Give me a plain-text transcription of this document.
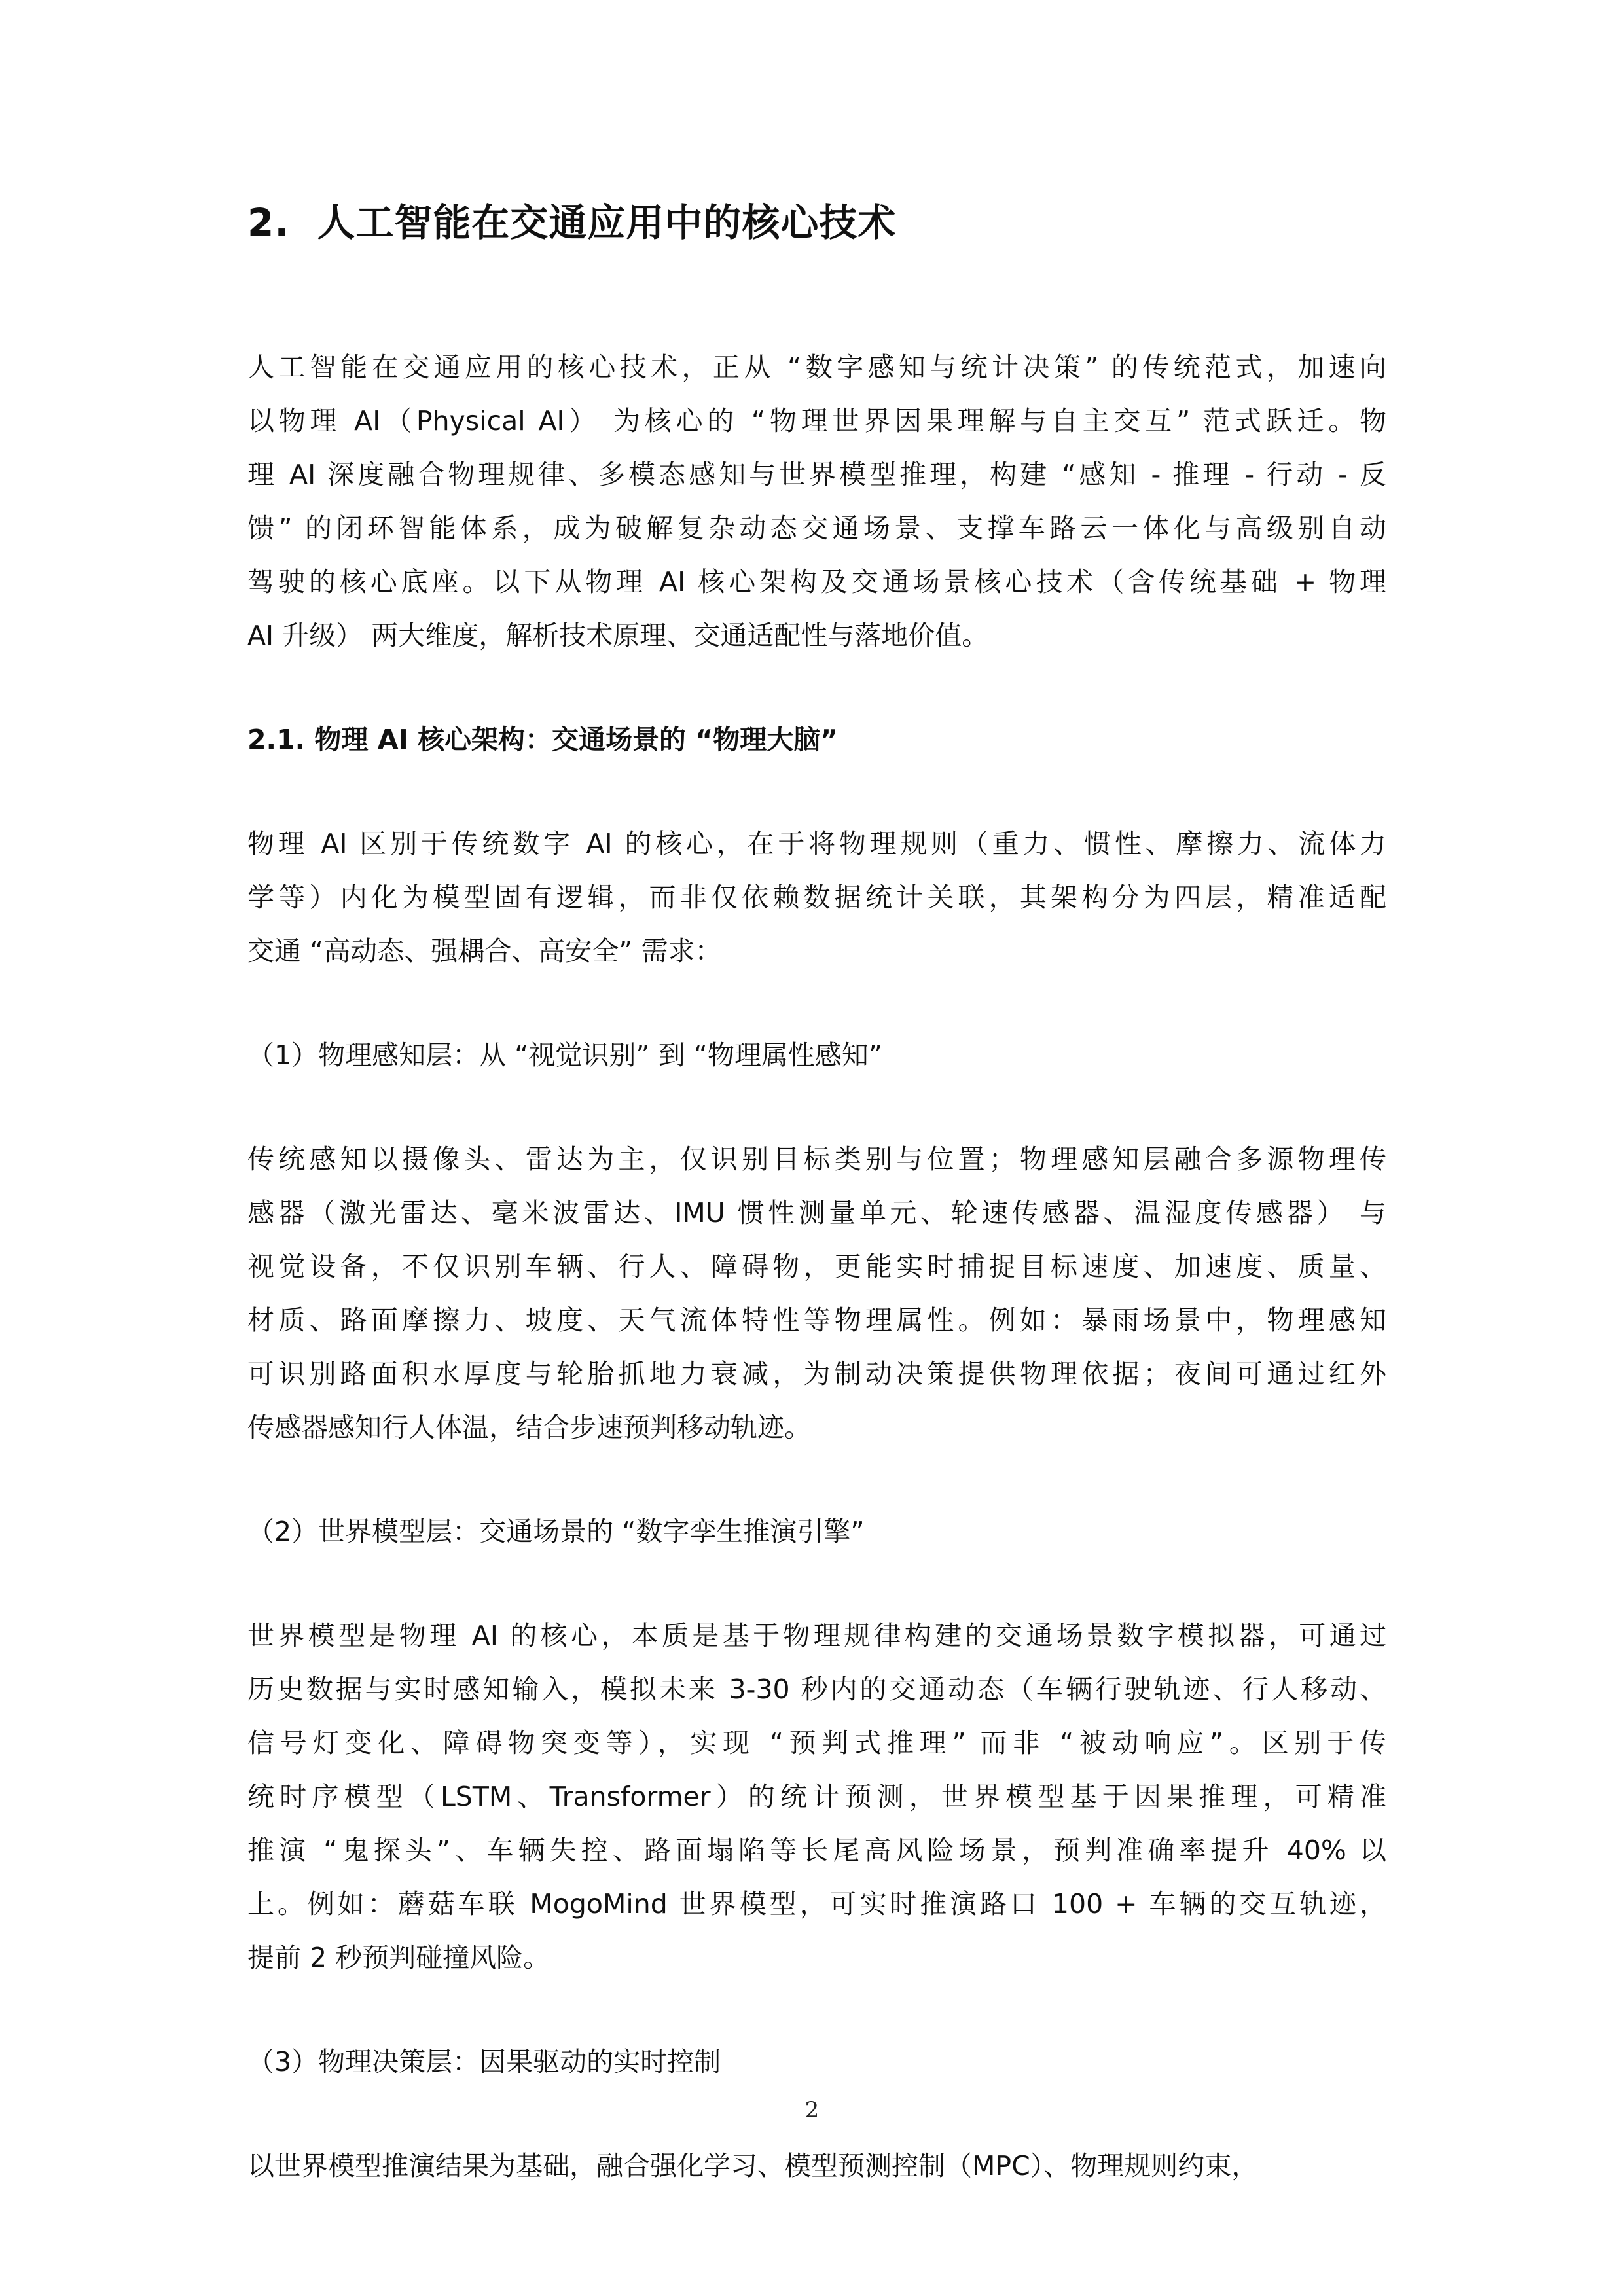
2. 人工智能在交通应用中的核心技术
人工智能在交通应用的核心技术，正从 “数字感知与统计决策” 的传统范式，加速向
以物理 AI（Physical AI） 为核心的 “物理世界因果理解与自主交互” 范式跃迁。物
理 AI 深度融合物理规律、多模态感知与世界模型推理，构建 “感知 - 推理 - 行动 - 反
馈” 的闭环智能体系，成为破解复杂动态交通场景、支撑车路云一体化与高级别自动
驾驶的核心底座。以下从物理 AI 核心架构及交通场景核心技术（含传统基础 + 物理
AI 升级） 两大维度，解析技术原理、交通适配性与落地价值。
2.1. 物理 AI 核心架构：交通场景的 “物理大脑”
物理 AI 区别于传统数字 AI 的核心，在于将物理规则（重力、惯性、摩擦力、流体力
学等）内化为模型固有逻辑，而非仅依赖数据统计关联，其架构分为四层，精准适配
交通 “高动态、强耦合、高安全” 需求：
（1）物理感知层：从 “视觉识别” 到 “物理属性感知”
传统感知以摄像头、雷达为主，仅识别目标类别与位置；物理感知层融合多源物理传
感器（激光雷达、毫米波雷达、IMU 惯性测量单元、轮速传感器、温湿度传感器） 与
视觉设备，不仅识别车辆、行人、障碍物，更能实时捕捉目标速度、加速度、质量、
材质、路面摩擦力、坡度、天气流体特性等物理属性。例如：暴雨场景中，物理感知
可识别路面积水厚度与轮胎抓地力衰减，为制动决策提供物理依据；夜间可通过红外
传感器感知行人体温，结合步速预判移动轨迹。
（2）世界模型层：交通场景的 “数字孪生推演引擎”
世界模型是物理 AI 的核心，本质是基于物理规律构建的交通场景数字模拟器，可通过
历史数据与实时感知输入，模拟未来 3-30 秒内的交通动态（车辆行驶轨迹、行人移动、
信号灯变化、障碍物突变等），实现 “预判式推理” 而非 “被动响应”。区别于传
统时序模型（LSTM、Transformer）的统计预测，世界模型基于因果推理，可精准
推演 “鬼探头”、车辆失控、路面塌陷等长尾高风险场景，预判准确率提升 40% 以
上。例如：蘑菇车联 MogoMind 世界模型，可实时推演路口 100 + 车辆的交互轨迹，
提前 2 秒预判碰撞风险。
（3）物理决策层：因果驱动的实时控制
以世界模型推演结果为基础，融合强化学习、模型预测控制（MPC）、物理规则约束，
2
